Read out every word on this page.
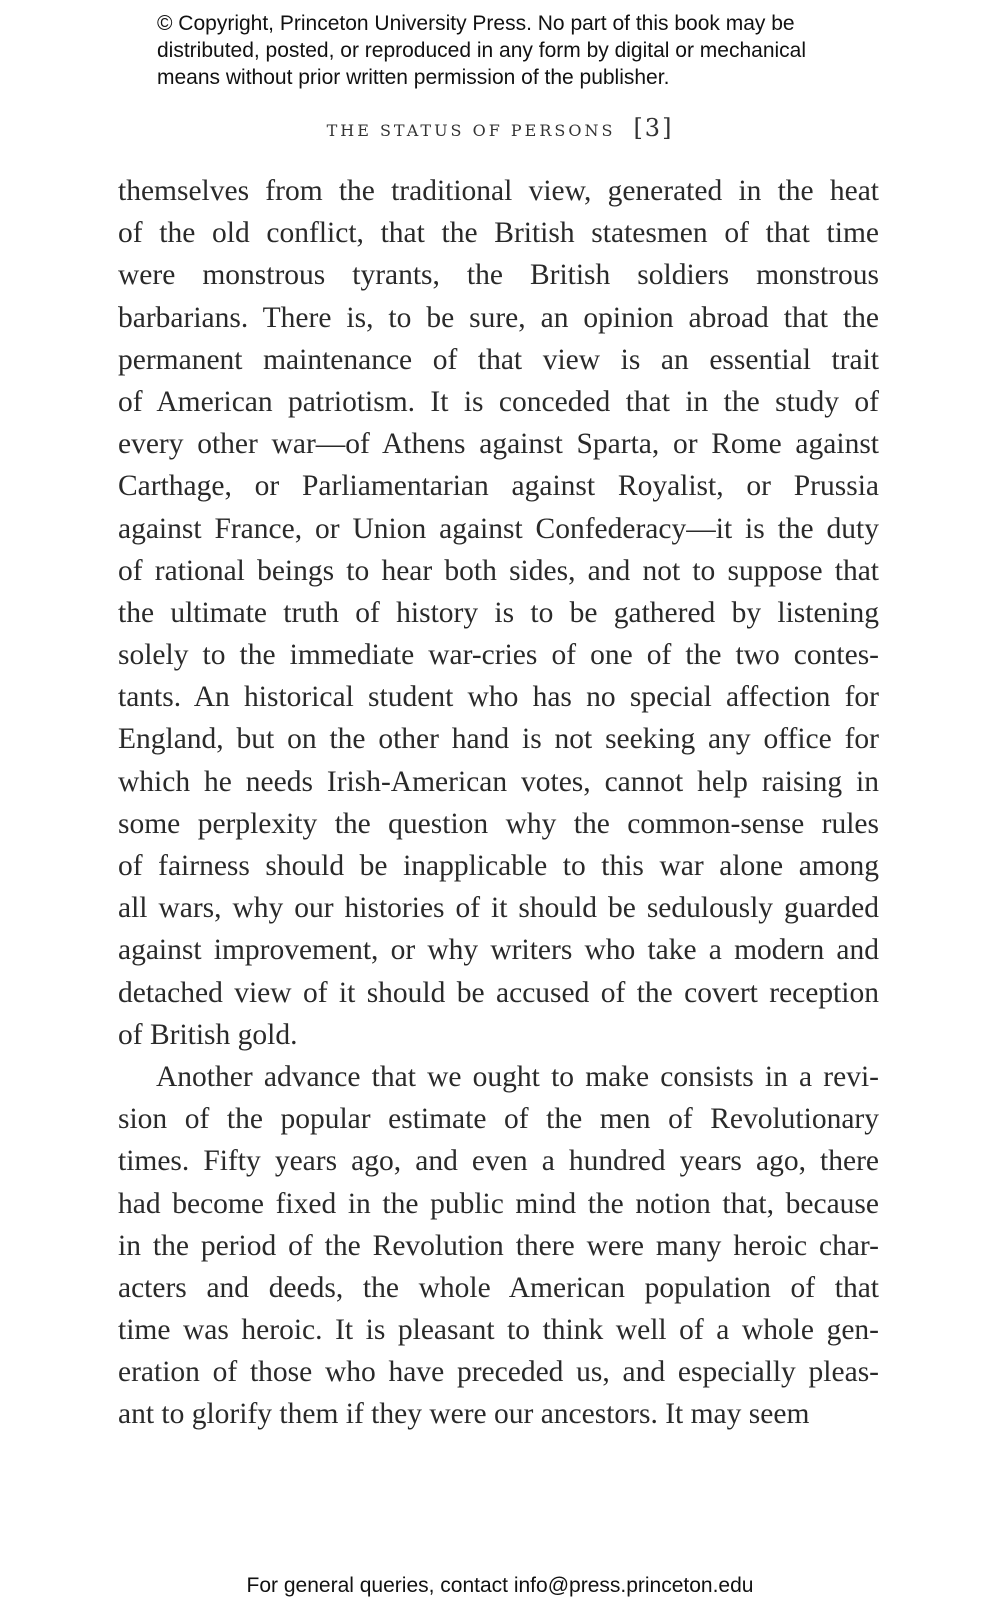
© Copyright, Princeton University Press. No part of this book may be
distributed, posted, or reproduced in any form by digital or mechanical
means without prior written permission of the publisher.
THE STATUS OF PERSONS [3]
themselves from the traditional view, generated in the heat
of the old conflict, that the British statesmen of that time
were monstrous tyrants, the British soldiers monstrous
barbarians. There is, to be sure, an opinion abroad that the
permanent maintenance of that view is an essential trait
of American patriotism. It is conceded that in the study of
every other war—of Athens against Sparta, or Rome against
Carthage, or Parliamentarian against Royalist, or Prussia
against France, or Union against Confederacy—it is the duty
of rational beings to hear both sides, and not to suppose that
the ultimate truth of history is to be gathered by listening
solely to the immediate war-cries of one of the two contes-
tants. An historical student who has no special affection for
England, but on the other hand is not seeking any office for
which he needs Irish-American votes, cannot help raising in
some perplexity the question why the common-sense rules
of fairness should be inapplicable to this war alone among
all wars, why our histories of it should be sedulously guarded
against improvement, or why writers who take a modern and
detached view of it should be accused of the covert reception
of British gold.
Another advance that we ought to make consists in a revi-
sion of the popular estimate of the men of Revolutionary
times. Fifty years ago, and even a hundred years ago, there
had become fixed in the public mind the notion that, because
in the period of the Revolution there were many heroic char-
acters and deeds, the whole American population of that
time was heroic. It is pleasant to think well of a whole gen-
eration of those who have preceded us, and especially pleas-
ant to glorify them if they were our ancestors. It may seem
For general queries, contact info@press.princeton.edu
